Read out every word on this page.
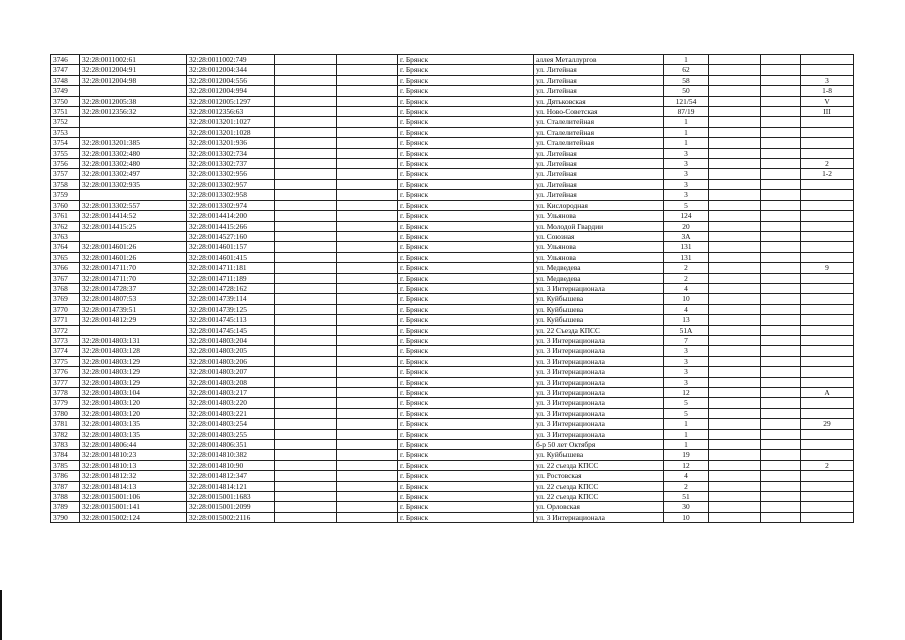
3746	32:28:0011002:61	32:28:0011002:749			г. Брянск	аллея Металлургов	1			
3747	32:28:0012004:91	32:28:0012004:344			г. Брянск	ул. Литейная	62			
3748	32:28:0012004:98	32:28:0012004:556			г. Брянск	ул. Литейная	58			3
3749		32:28:0012004:994			г. Брянск	ул. Литейная	50			1-8
3750	32:28:0012005:38	32:28:0012005:1297			г. Брянск	ул. Дятьковская	121/54			V
3751	32:28:0012356:32	32:28:0012356:63			г. Брянск	ул. Ново-Советская	87/19			III
3752		32:28:0013201:1027			г. Брянск	ул. Сталелитейная	1			
3753		32:28:0013201:1028			г. Брянск	ул. Сталелитейная	1			
3754	32:28:0013201:385	32:28:0013201:936			г. Брянск	ул. Сталелитейная	1			
3755	32:28:0013302:480	32:28:0013302:734			г. Брянск	ул. Литейная	3			
3756	32:28:0013302:480	32:28:0013302:737			г. Брянск	ул. Литейная	3			2
3757	32:28:0013302:497	32:28:0013302:956			г. Брянск	ул. Литейная	3			1-2
3758	32:28:0013302:935	32:28:0013302:957			г. Брянск	ул. Литейная	3			
3759		32:28:0013302:958			г. Брянск	ул. Литейная	3			
3760	32:28:0013302:557	32:28:0013302:974			г. Брянск	ул. Кислородная	5			
3761	32:28:0014414:52	32:28:0014414:200			г. Брянск	ул. Ульянова	124			
3762	32:28:0014415:25	32:28:0014415:266			г. Брянск	ул. Молодой Гвардии	20			
3763		32:28:0014527:160			г. Брянск	ул. Союзная	3А			
3764	32:28:0014601:26	32:28:0014601:157			г. Брянск	ул. Ульянова	131			
3765	32:28:0014601:26	32:28:0014601:415			г. Брянск	ул. Ульянова	131			
3766	32:28:0014711:70	32:28:0014711:181			г. Брянск	ул. Медведева	2			9
3767	32:28:0014711:70	32:28:0014711:189			г. Брянск	ул. Медведева	2			
3768	32:28:0014728:37	32:28:0014728:162			г. Брянск	ул. 3 Интернационала	4			
3769	32:28:0014807:53	32:28:0014739:114			г. Брянск	ул. Куйбышева	10			
3770	32:28:0014739:51	32:28:0014739:125			г. Брянск	ул. Куйбышева	4			
3771	32:28:0014812:29	32:28:0014745:113			г. Брянск	ул. Куйбышева	13			
3772		32:28:0014745:145			г. Брянск	ул. 22 Съезда КПСС	51А			
3773	32:28:0014803:131	32:28:0014803:204			г. Брянск	ул. 3 Интернационала	7			
3774	32:28:0014803:128	32:28:0014803:205			г. Брянск	ул. 3 Интернационала	3			
3775	32:28:0014803:129	32:28:0014803:206			г. Брянск	ул. 3 Интернационала	3			
3776	32:28:0014803:129	32:28:0014803:207			г. Брянск	ул. 3 Интернационала	3			
3777	32:28:0014803:129	32:28:0014803:208			г. Брянск	ул. 3 Интернационала	3			
3778	32:28:0014803:104	32:28:0014803:217			г. Брянск	ул. 3 Интернационала	12			А
3779	32:28:0014803:120	32:28:0014803:220			г. Брянск	ул. 3 Интернационала	5			
3780	32:28:0014803:120	32:28:0014803:221			г. Брянск	ул. 3 Интернационала	5			
3781	32:28:0014803:135	32:28:0014803:254			г. Брянск	ул. 3 Интернационала	1			29
3782	32:28:0014803:135	32:28:0014803:255			г. Брянск	ул. 3 Интернационала	1			
3783	32:28:0014806:44	32:28:0014806:351			г. Брянск	б-р 50 лет Октября	1			
3784	32:28:0014810:23	32:28:0014810:382			г. Брянск	ул. Куйбышева	19			
3785	32:28:0014810:13	32:28:0014810:90			г. Брянск	ул. 22 съезда КПСС	12			2
3786	32:28:0014812:32	32:28:0014812:347			г. Брянск	ул. Ростовская	4			
3787	32:28:0014814:13	32:28:0014814:121			г. Брянск	ул. 22 съезда КПСС	2			
3788	32:28:0015001:106	32:28:0015001:1683			г. Брянск	ул. 22 съезда КПСС	51			
3789	32:28:0015001:141	32:28:0015001:2099			г. Брянск	ул. Орловская	30			
3790	32:28:0015002:124	32:28:0015002:2116			г. Брянск	ул. 3 Интернационала	10			
